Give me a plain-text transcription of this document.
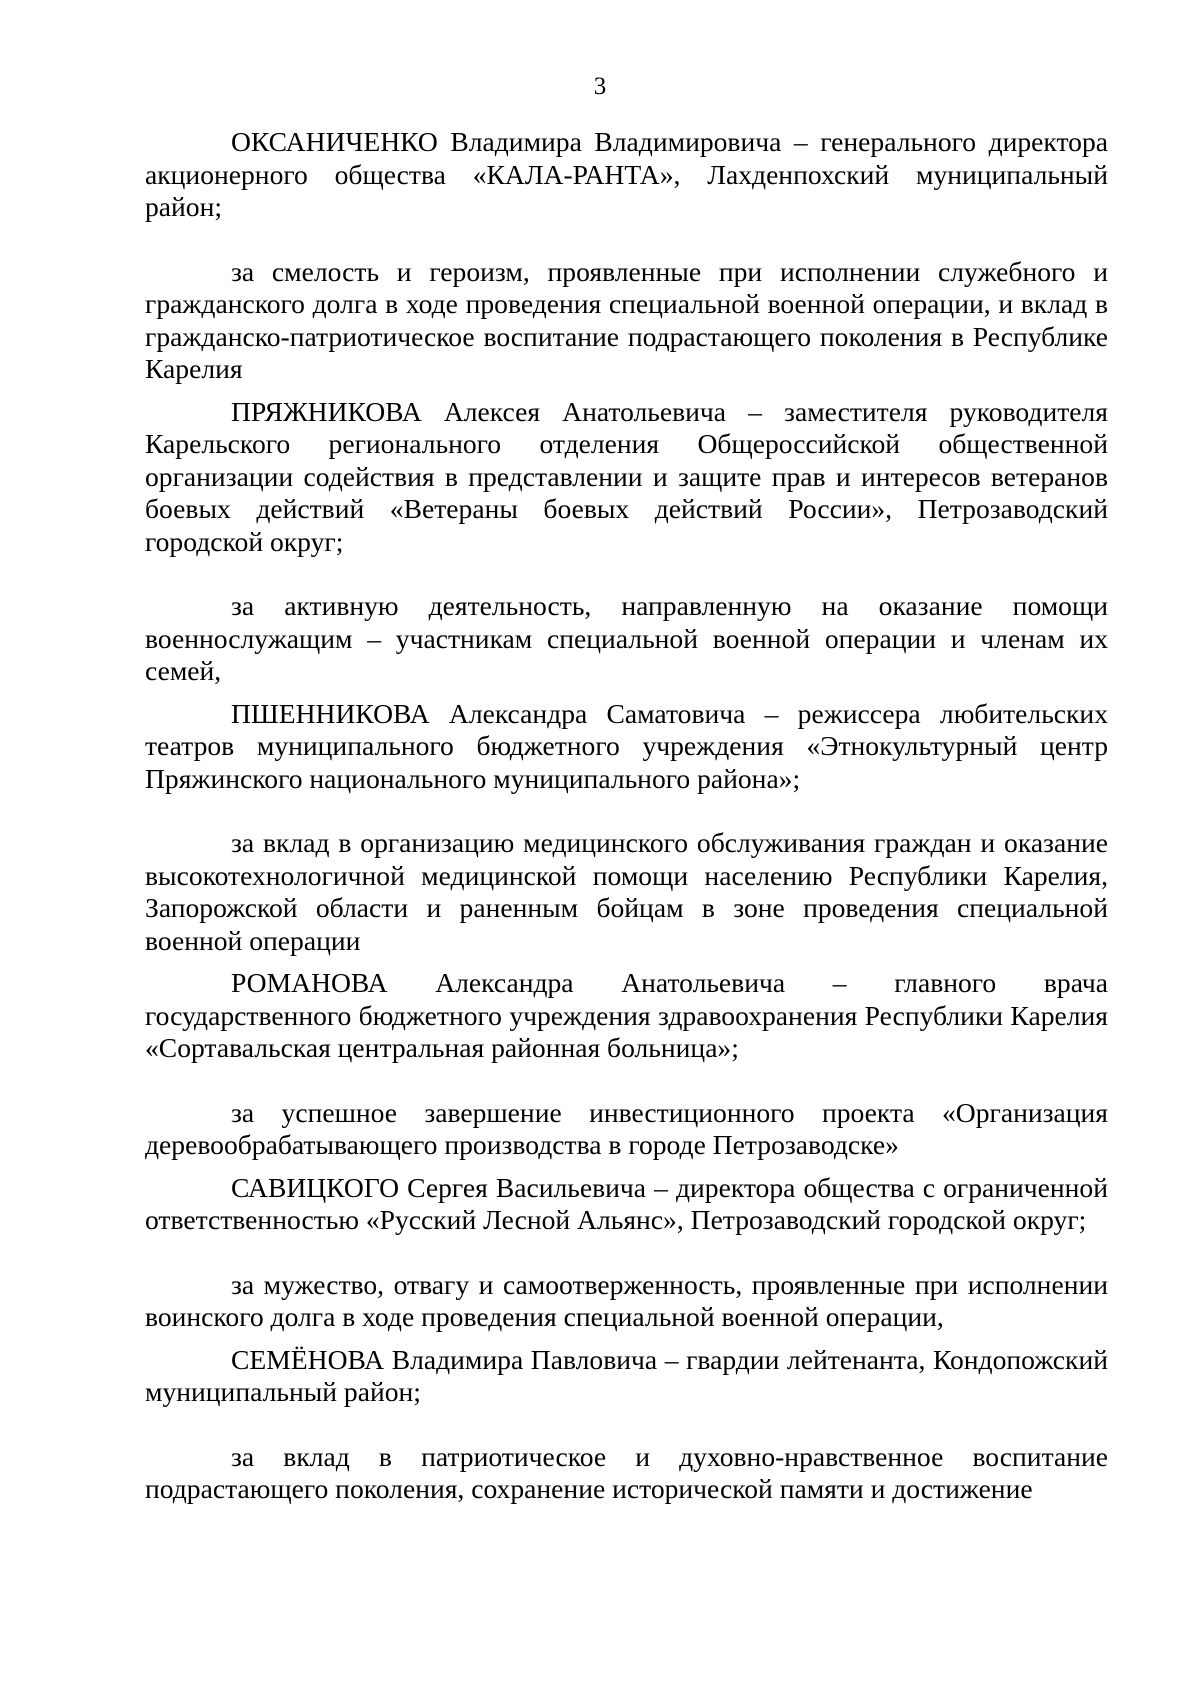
3

ОКСАНИЧЕНКО Владимира Владимировича – генерального директора акционерного общества «КАЛА-РАНТА», Лахденпохский муниципальный район;

за смелость и героизм, проявленные при исполнении служебного и гражданского долга в ходе проведения специальной военной операции, и вклад в гражданско-патриотическое воспитание подрастающего поколения в Республике Карелия

ПРЯЖНИКОВА Алексея Анатольевича – заместителя руководителя Карельского регионального отделения Общероссийской общественной организации содействия в представлении и защите прав и интересов ветеранов боевых действий «Ветераны боевых действий России», Петрозаводский городской округ;

за активную деятельность, направленную на оказание помощи военнослужащим – участникам специальной военной операции и членам их семей,

ПШЕННИКОВА Александра Саматовича – режиссера любительских театров муниципального бюджетного учреждения «Этнокультурный центр Пряжинского национального муниципального района»;

за вклад в организацию медицинского обслуживания граждан и оказание высокотехнологичной медицинской помощи населению Республики Карелия, Запорожской области и раненным бойцам в зоне проведения специальной военной операции

РОМАНОВА Александра Анатольевича – главного врача государственного бюджетного учреждения здравоохранения Республики Карелия «Сортавальская центральная районная больница»;

за успешное завершение инвестиционного проекта «Организация деревообрабатывающего производства в городе Петрозаводске»

САВИЦКОГО Сергея Васильевича – директора общества с ограниченной ответственностью «Русский Лесной Альянс», Петрозаводский городской округ;

за мужество, отвагу и самоотверженность, проявленные при исполнении воинского долга в ходе проведения специальной военной операции,

СЕМЁНОВА Владимира Павловича – гвардии лейтенанта, Кондопожский муниципальный район;

за вклад в патриотическое и духовно-нравственное воспитание подрастающего поколения, сохранение исторической памяти и достижение
